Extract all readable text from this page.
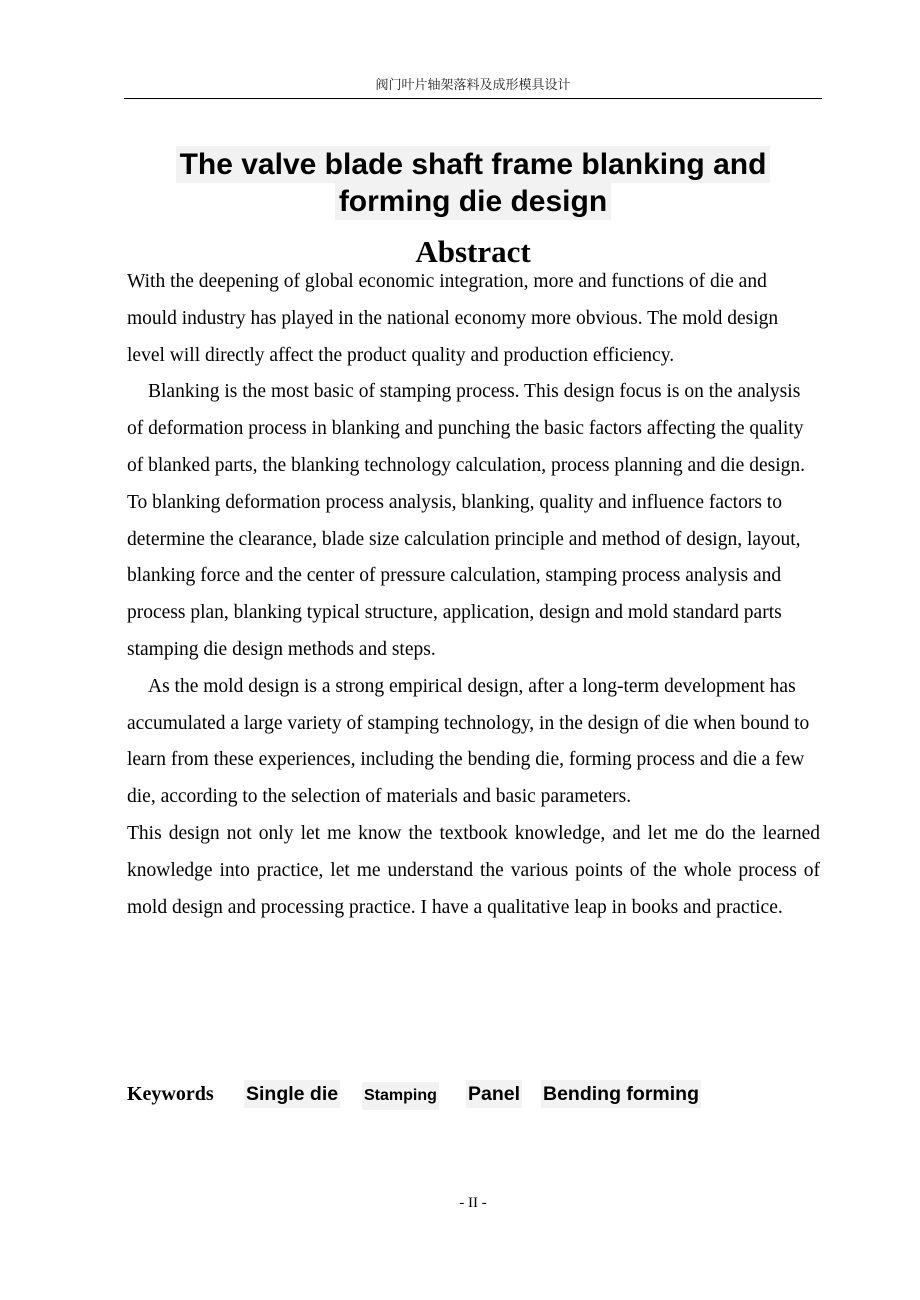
阀门叶片轴架落料及成形模具设计
The valve blade shaft frame blanking and
forming die design
Abstract

With the deepening of global economic integration, more and functions of die and mould industry has played in the national economy more obvious. The mold design level will directly affect the product quality and production efficiency.

Blanking is the most basic of stamping process. This design focus is on the analysis of deformation process in blanking and punching the basic factors affecting the quality of blanked parts, the blanking technology calculation, process planning and die design. To blanking deformation process analysis, blanking, quality and influence factors to determine the clearance, blade size calculation principle and method of design, layout, blanking force and the center of pressure calculation, stamping process analysis and process plan, blanking typical structure, application, design and mold standard parts stamping die design methods and steps.

As the mold design is a strong empirical design, after a long-term development has accumulated a large variety of stamping technology, in the design of die when bound to learn from these experiences, including the bending die, forming process and die a few die, according to the selection of materials and basic parameters.

This design not only let me know the textbook knowledge, and let me do the learned knowledge into practice, let me understand the various points of the whole process of mold design and processing practice. I have a qualitative leap in books and practice.

Keywords Single die Stamping Panel Bending forming
- II -
